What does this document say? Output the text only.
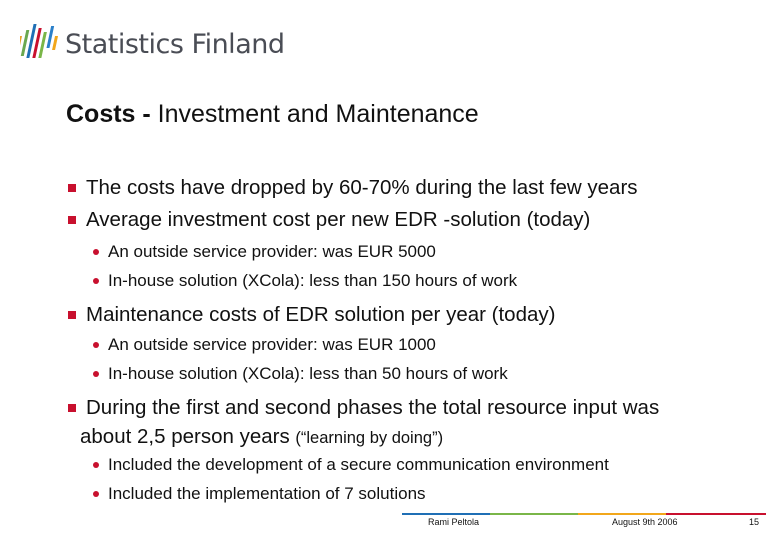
Statistics Finland
Costs - Investment and Maintenance
The costs have dropped by 60-70% during the last few years
Average investment cost per new EDR -solution (today)
An outside service provider: was EUR 5000
In-house solution (XCola): less than 150 hours of work
Maintenance costs of EDR solution per year (today)
An outside service provider: was EUR 1000
In-house solution (XCola): less than 50 hours of work
During the first and second phases the total resource input was
about 2,5 person years (“learning by doing”)
Included the development of a secure communication environment
Included the implementation of 7 solutions
Rami Peltola	August 9th 2006	15
